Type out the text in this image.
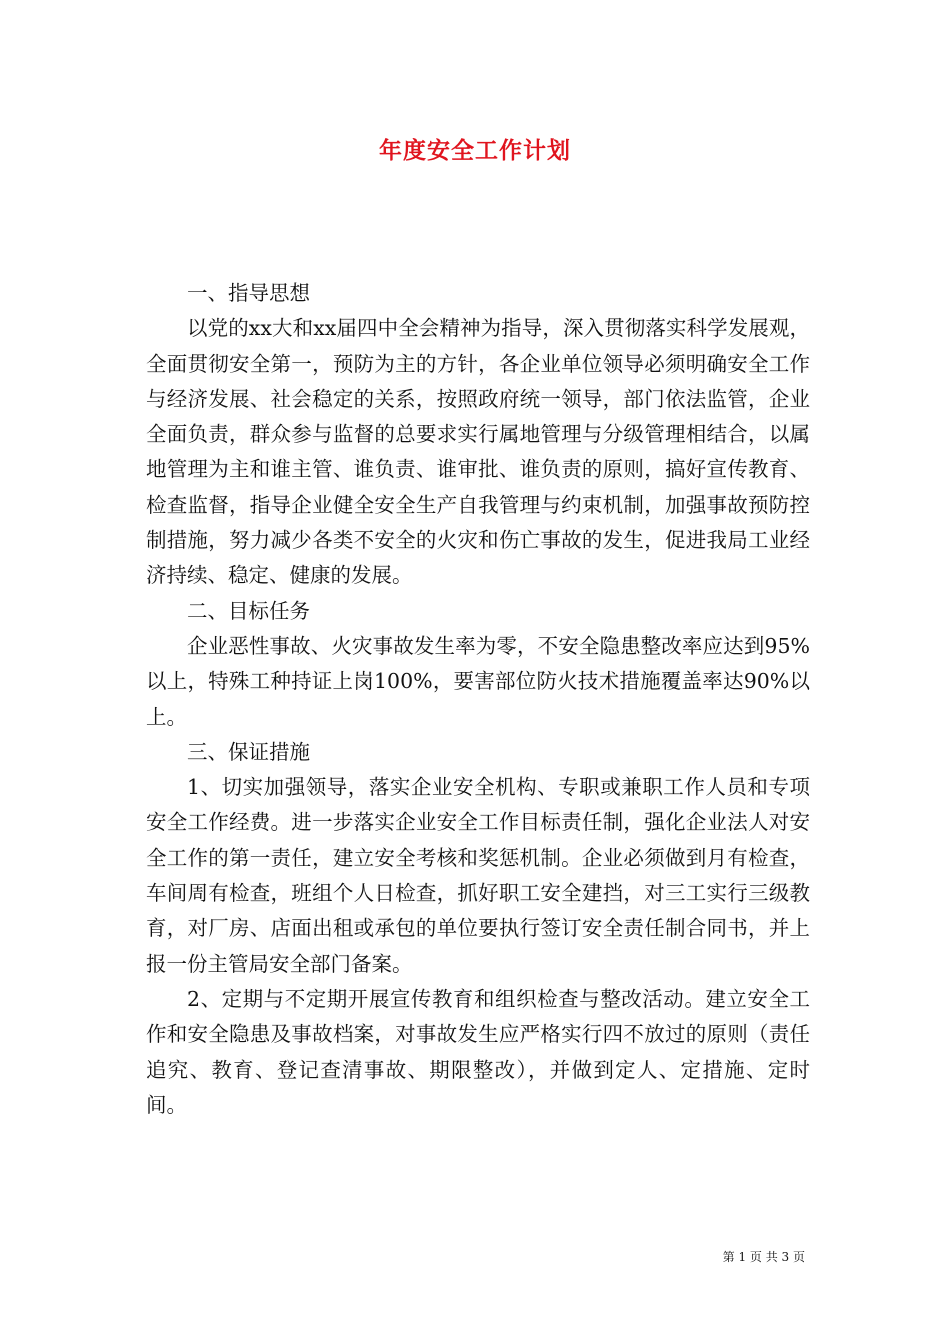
年度安全工作计划

一、指导思想

以党的xx大和xx届四中全会精神为指导，深入贯彻落实科学发展观，全面贯彻安全第一，预防为主的方针，各企业单位领导必须明确安全工作与经济发展、社会稳定的关系，按照政府统一领导，部门依法监管，企业全面负责，群众参与监督的总要求实行属地管理与分级管理相结合，以属地管理为主和谁主管、谁负责、谁审批、谁负责的原则，搞好宣传教育、检查监督，指导企业健全安全生产自我管理与约束机制，加强事故预防控制措施，努力减少各类不安全的火灾和伤亡事故的发生，促进我局工业经济持续、稳定、健康的发展。

二、目标任务

企业恶性事故、火灾事故发生率为零，不安全隐患整改率应达到95%以上，特殊工种持证上岗100%，要害部位防火技术措施覆盖率达90%以上。

三、保证措施

1、切实加强领导，落实企业安全机构、专职或兼职工作人员和专项安全工作经费。进一步落实企业安全工作目标责任制，强化企业法人对安全工作的第一责任，建立安全考核和奖惩机制。企业必须做到月有检查，车间周有检查，班组个人日检查，抓好职工安全建挡，对三工实行三级教育，对厂房、店面出租或承包的单位要执行签订安全责任制合同书，并上报一份主管局安全部门备案。

2、定期与不定期开展宣传教育和组织检查与整改活动。建立安全工作和安全隐患及事故档案，对事故发生应严格实行四不放过的原则（责任追究、教育、登记查清事故、期限整改），并做到定人、定措施、定时间。

第 1 页 共 3 页
